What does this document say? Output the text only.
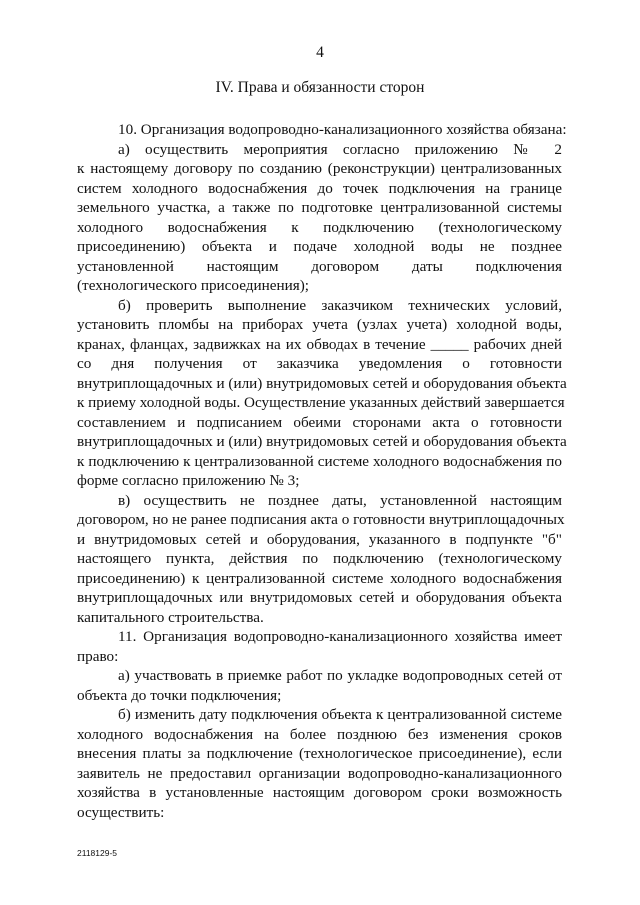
4
IV. Права и обязанности сторон
10. Организация водопроводно-канализационного хозяйства обязана:
а) осуществить мероприятия согласно приложению № 2
к настоящему договору по созданию (реконструкции) централизованных
систем холодного водоснабжения до точек подключения на границе
земельного участка, а также по подготовке централизованной системы
холодного водоснабжения к подключению (технологическому
присоединению) объекта и подаче холодной воды не позднее
установленной настоящим договором даты подключения
(технологического присоединения);
б) проверить выполнение заказчиком технических условий,
установить пломбы на приборах учета (узлах учета) холодной воды,
кранах, фланцах, задвижках на их обводах в течение _____ рабочих дней
со дня получения от заказчика уведомления о готовности
внутриплощадочных и (или) внутридомовых сетей и оборудования объекта
к приему холодной воды. Осуществление указанных действий завершается
составлением и подписанием обеими сторонами акта о готовности
внутриплощадочных и (или) внутридомовых сетей и оборудования объекта
к подключению к централизованной системе холодного водоснабжения по
форме согласно приложению № 3;
в) осуществить не позднее даты, установленной настоящим
договором, но не ранее подписания акта о готовности внутриплощадочных
и внутридомовых сетей и оборудования, указанного в подпункте "б"
настоящего пункта, действия по подключению (технологическому
присоединению) к централизованной системе холодного водоснабжения
внутриплощадочных или внутридомовых сетей и оборудования объекта
капитального строительства.
11. Организация водопроводно-канализационного хозяйства имеет
право:
а) участвовать в приемке работ по укладке водопроводных сетей от
объекта до точки подключения;
б) изменить дату подключения объекта к централизованной системе
холодного водоснабжения на более позднюю без изменения сроков
внесения платы за подключение (технологическое присоединение), если
заявитель не предоставил организации водопроводно-канализационного
хозяйства в установленные настоящим договором сроки возможность
осуществить:
2118129-5
